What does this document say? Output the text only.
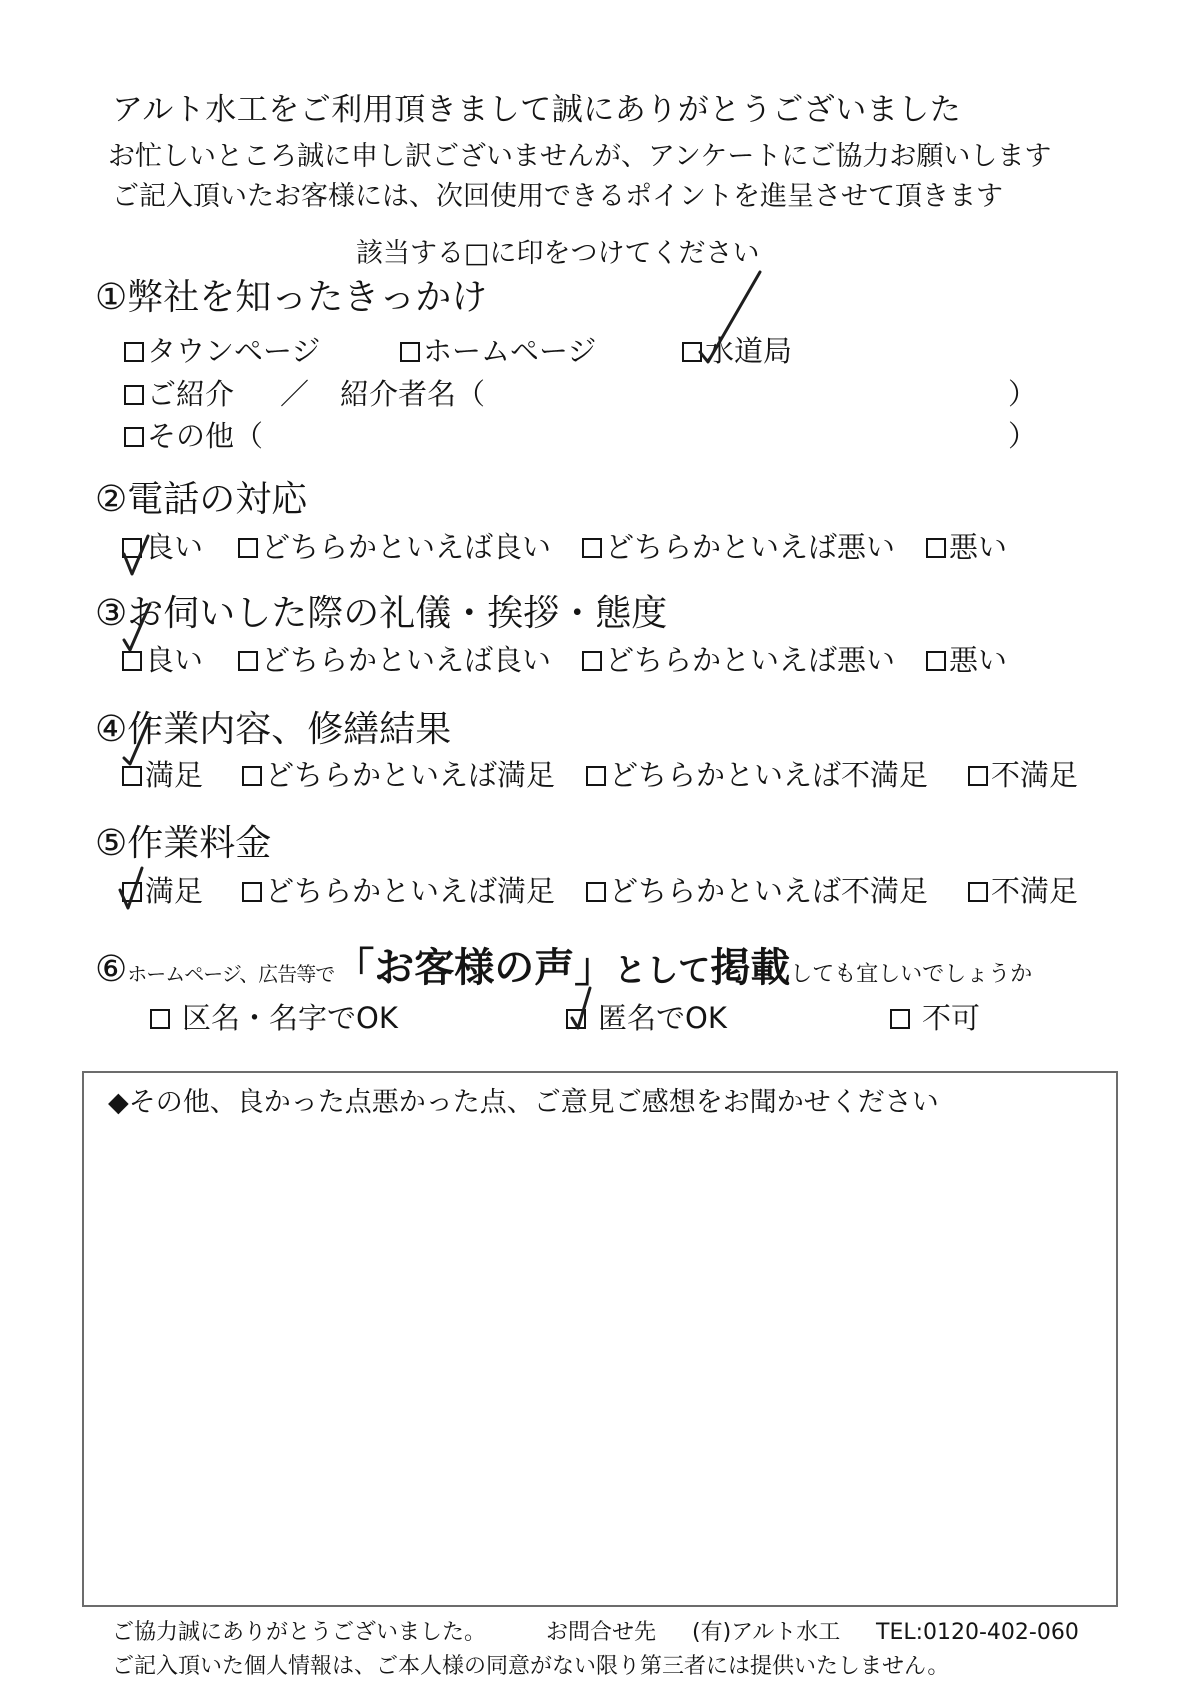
アルト水工をご利用頂きまして誠にありがとうございました
お忙しいところ誠に申し訳ございませんが、アンケートにご協力お願いします
ご記入頂いたお客様には、次回使用できるポイントを進呈させて頂きます
該当する□に印をつけてください
①弊社を知ったきっかけ
タウンページ	ホームページ	水道局
ご紹介 ／ 紹介者名（	）
その他（	）
②電話の対応
良い	どちらかといえば良い	どちらかといえば悪い	悪い
③お伺いした際の礼儀・挨拶・態度
良い	どちらかといえば良い	どちらかといえば悪い	悪い
④作業内容、修繕結果
満足	どちらかといえば満足	どちらかといえば不満足	不満足
⑤作業料金
満足	どちらかといえば満足	どちらかといえば不満足	不満足
⑥ホームページ、広告等で「お客様の声」として掲載しても宜しいでしょうか
区名・名字でOK	匿名でOK	不可
◆その他、良かった点悪かった点、ご意見ご感想をお聞かせください
ご協力誠にありがとうございました。	お問合せ先 (有)アルト水工 TEL:0120-402-060
ご記入頂いた個人情報は、ご本人様の同意がない限り第三者には提供いたしません。
